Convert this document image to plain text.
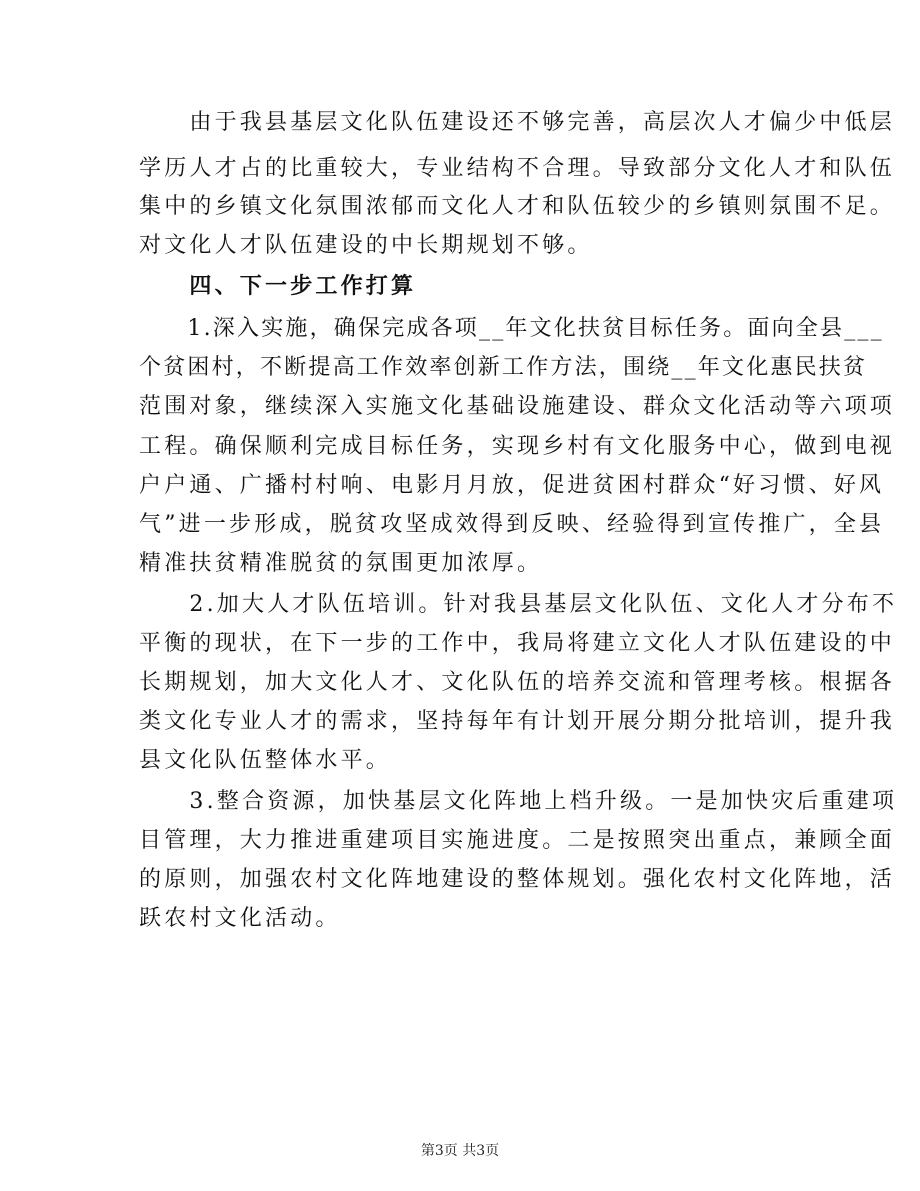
　　由于我县基层文化队伍建设还不够完善，高层次人才偏少中低层
学历人才占的比重较大，专业结构不合理。导致部分文化人才和队伍
集中的乡镇文化氛围浓郁而文化人才和队伍较少的乡镇则氛围不足。
对文化人才队伍建设的中长期规划不够。
　　四、下一步工作打算
　　1.深入实施，确保完成各项__年文化扶贫目标任务。面向全县___
个贫困村，不断提高工作效率创新工作方法，围绕__年文化惠民扶贫
范围对象，继续深入实施文化基础设施建设、群众文化活动等六项项
工程。确保顺利完成目标任务，实现乡村有文化服务中心，做到电视
户户通、广播村村响、电影月月放，促进贫困村群众“好习惯、好风
气”进一步形成，脱贫攻坚成效得到反映、经验得到宣传推广，全县
精准扶贫精准脱贫的氛围更加浓厚。
　　2.加大人才队伍培训。针对我县基层文化队伍、文化人才分布不
平衡的现状，在下一步的工作中，我局将建立文化人才队伍建设的中
长期规划，加大文化人才、文化队伍的培养交流和管理考核。根据各
类文化专业人才的需求，坚持每年有计划开展分期分批培训，提升我
县文化队伍整体水平。
　　3.整合资源，加快基层文化阵地上档升级。一是加快灾后重建项
目管理，大力推进重建项目实施进度。二是按照突出重点，兼顾全面
的原则，加强农村文化阵地建设的整体规划。强化农村文化阵地，活
跃农村文化活动。
第3页 共3页
